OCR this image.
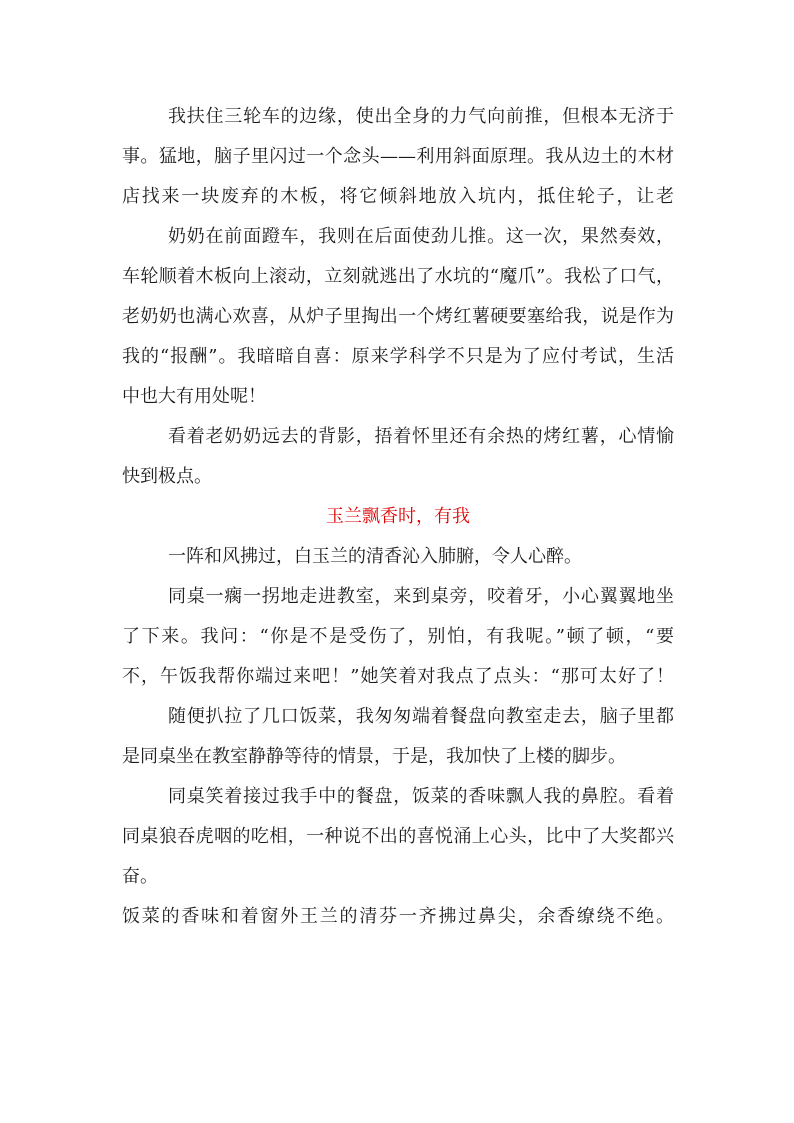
我扶住三轮车的边缘，使出全身的力气向前推，但根本无济于
事。猛地，脑子里闪过一个念头——利用斜面原理。我从边土的木材
店找来一块废弃的木板，将它倾斜地放入坑内，抵住轮子，让老
奶奶在前面蹬车，我则在后面使劲儿推。这一次，果然奏效，
车轮顺着木板向上滚动，立刻就逃出了水坑的“魔爪”。我松了口气，
老奶奶也满心欢喜，从炉子里掏出一个烤红薯硬要塞给我，说是作为
我的“报酬”。我暗暗自喜：原来学科学不只是为了应付考试，生活
中也大有用处呢！
看着老奶奶远去的背影，捂着怀里还有余热的烤红薯，心情愉
快到极点。
玉兰飘香时，有我
一阵和风拂过，白玉兰的清香沁入肺腑，令人心醉。
同桌一瘸一拐地走进教室，来到桌旁，咬着牙，小心翼翼地坐
了下来。我问：“你是不是受伤了，别怕，有我呢。”顿了顿，“要
不，午饭我帮你端过来吧！”她笑着对我点了点头：“那可太好了！
随便扒拉了几口饭菜，我匆匆端着餐盘向教室走去，脑子里都
是同桌坐在教室静静等待的情景，于是，我加快了上楼的脚步。
同桌笑着接过我手中的餐盘，饭菜的香味飘人我的鼻腔。看着
同桌狼吞虎咽的吃相，一种说不出的喜悦涌上心头，比中了大奖都兴
奋。
饭菜的香味和着窗外王兰的清芬一齐拂过鼻尖，余香缭绕不绝。
